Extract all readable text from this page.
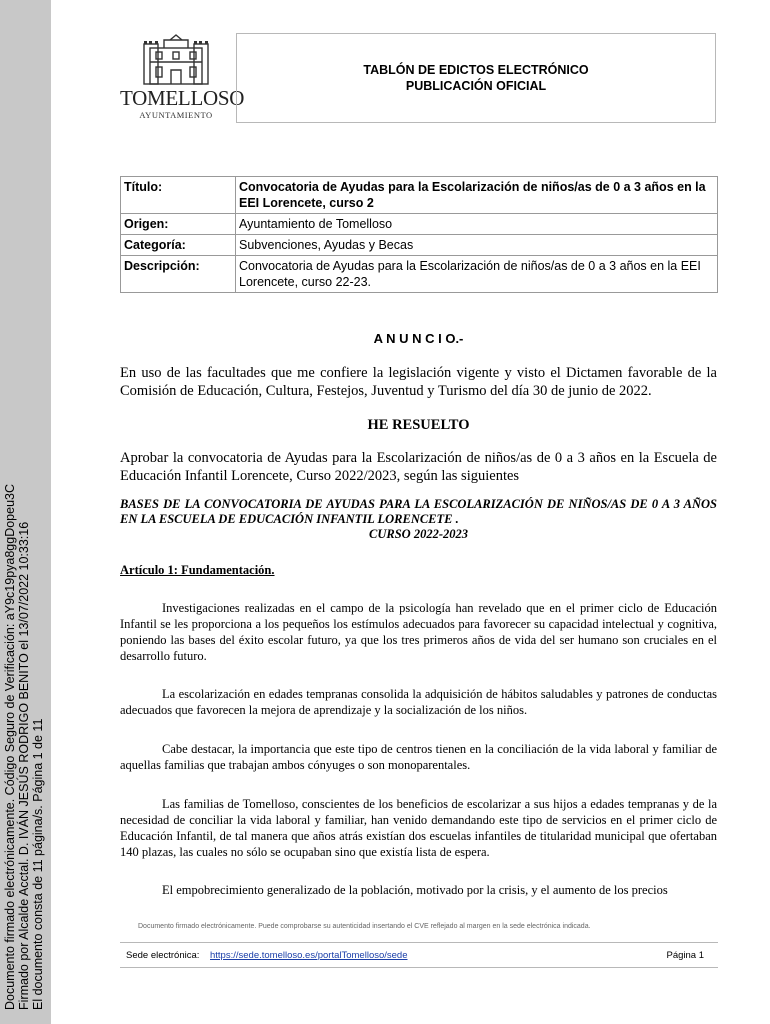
Documento firmado electrónicamente. Código Seguro de Verificación: aY9c19pya8ggDopeu3C Firmado por Alcalde Acctal. D. IVÁN JESÚS RODRIGO BENITO el 13/07/2022 10:33:16 El documento consta de 11 página/s. Página 1 de 11
TOMELLOSO
AYUNTAMIENTO
TABLÓN DE EDICTOS ELECTRÓNICO
PUBLICACIÓN OFICIAL
Título:	Convocatoria de Ayudas para la Escolarización de niños/as de 0 a 3 años en la EEI Lorencete, curso 2
Origen:	Ayuntamiento de Tomelloso
Categoría:	Subvenciones, Ayudas y Becas
Descripción:	Convocatoria de Ayudas para la Escolarización de niños/as de 0 a 3 años en la EEI Lorencete, curso 22-23.
A N U N C I O.-
En uso de las facultades que me confiere la legislación vigente y visto el Dictamen favorable de la Comisión de Educación, Cultura, Festejos, Juventud y Turismo del día 30 de junio de 2022.
HE RESUELTO
Aprobar la convocatoria de Ayudas para la Escolarización de niños/as de 0 a 3 años en la Escuela de Educación Infantil Lorencete, Curso 2022/2023, según las siguientes
BASES DE LA CONVOCATORIA DE AYUDAS PARA LA ESCOLARIZACIÓN DE NIÑOS/AS DE 0 A 3 AÑOS EN LA ESCUELA DE EDUCACIÓN INFANTIL LORENCETE .
CURSO 2022-2023
Artículo 1: Fundamentación.
Investigaciones realizadas en el campo de la psicología han revelado que en el primer ciclo de Educación Infantil se les proporciona a los pequeños los estímulos adecuados para favorecer su capacidad intelectual y cognitiva, poniendo las bases del éxito escolar futuro, ya que los tres primeros años de vida del ser humano son cruciales en el desarrollo futuro.
La escolarización en edades tempranas consolida la adquisición de hábitos saludables y patrones de conductas adecuados que favorecen la mejora de aprendizaje y la socialización de los niños.
Cabe destacar, la importancia que este tipo de centros tienen en la conciliación de la vida laboral y familiar de aquellas familias que trabajan ambos cónyuges o son monoparentales.
Las familias de Tomelloso, conscientes de los beneficios de escolarizar a sus hijos a edades tempranas y de la necesidad de conciliar la vida laboral y familiar, han venido demandando este tipo de servicios en el primer ciclo de Educación Infantil, de tal manera que años atrás existían dos escuelas infantiles de titularidad municipal que ofertaban 140 plazas, las cuales no sólo se ocupaban sino que existía lista de espera.
El empobrecimiento generalizado de la población, motivado por la crisis, y el aumento de los precios
Documento firmado electrónicamente. Puede comprobarse su autenticidad insertando el CVE reflejado al margen en la sede electrónica indicada.
Sede electrónica: https://sede.tomelloso.es/portalTomelloso/sede	Página 1
